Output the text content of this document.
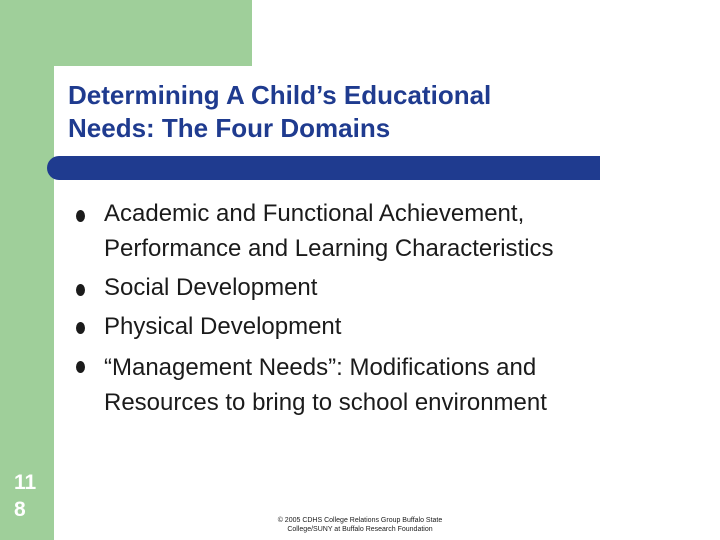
Determining A Child’s Educational
Needs: The Four Domains
Academic and Functional Achievement,
Performance and Learning Characteristics
Social Development
Physical Development
“Management Needs”: Modifications and
Resources to bring to school environment
11
8	© 2005 CDHS College Relations Group Buffalo State
College/SUNY at Buffalo Research Foundation
